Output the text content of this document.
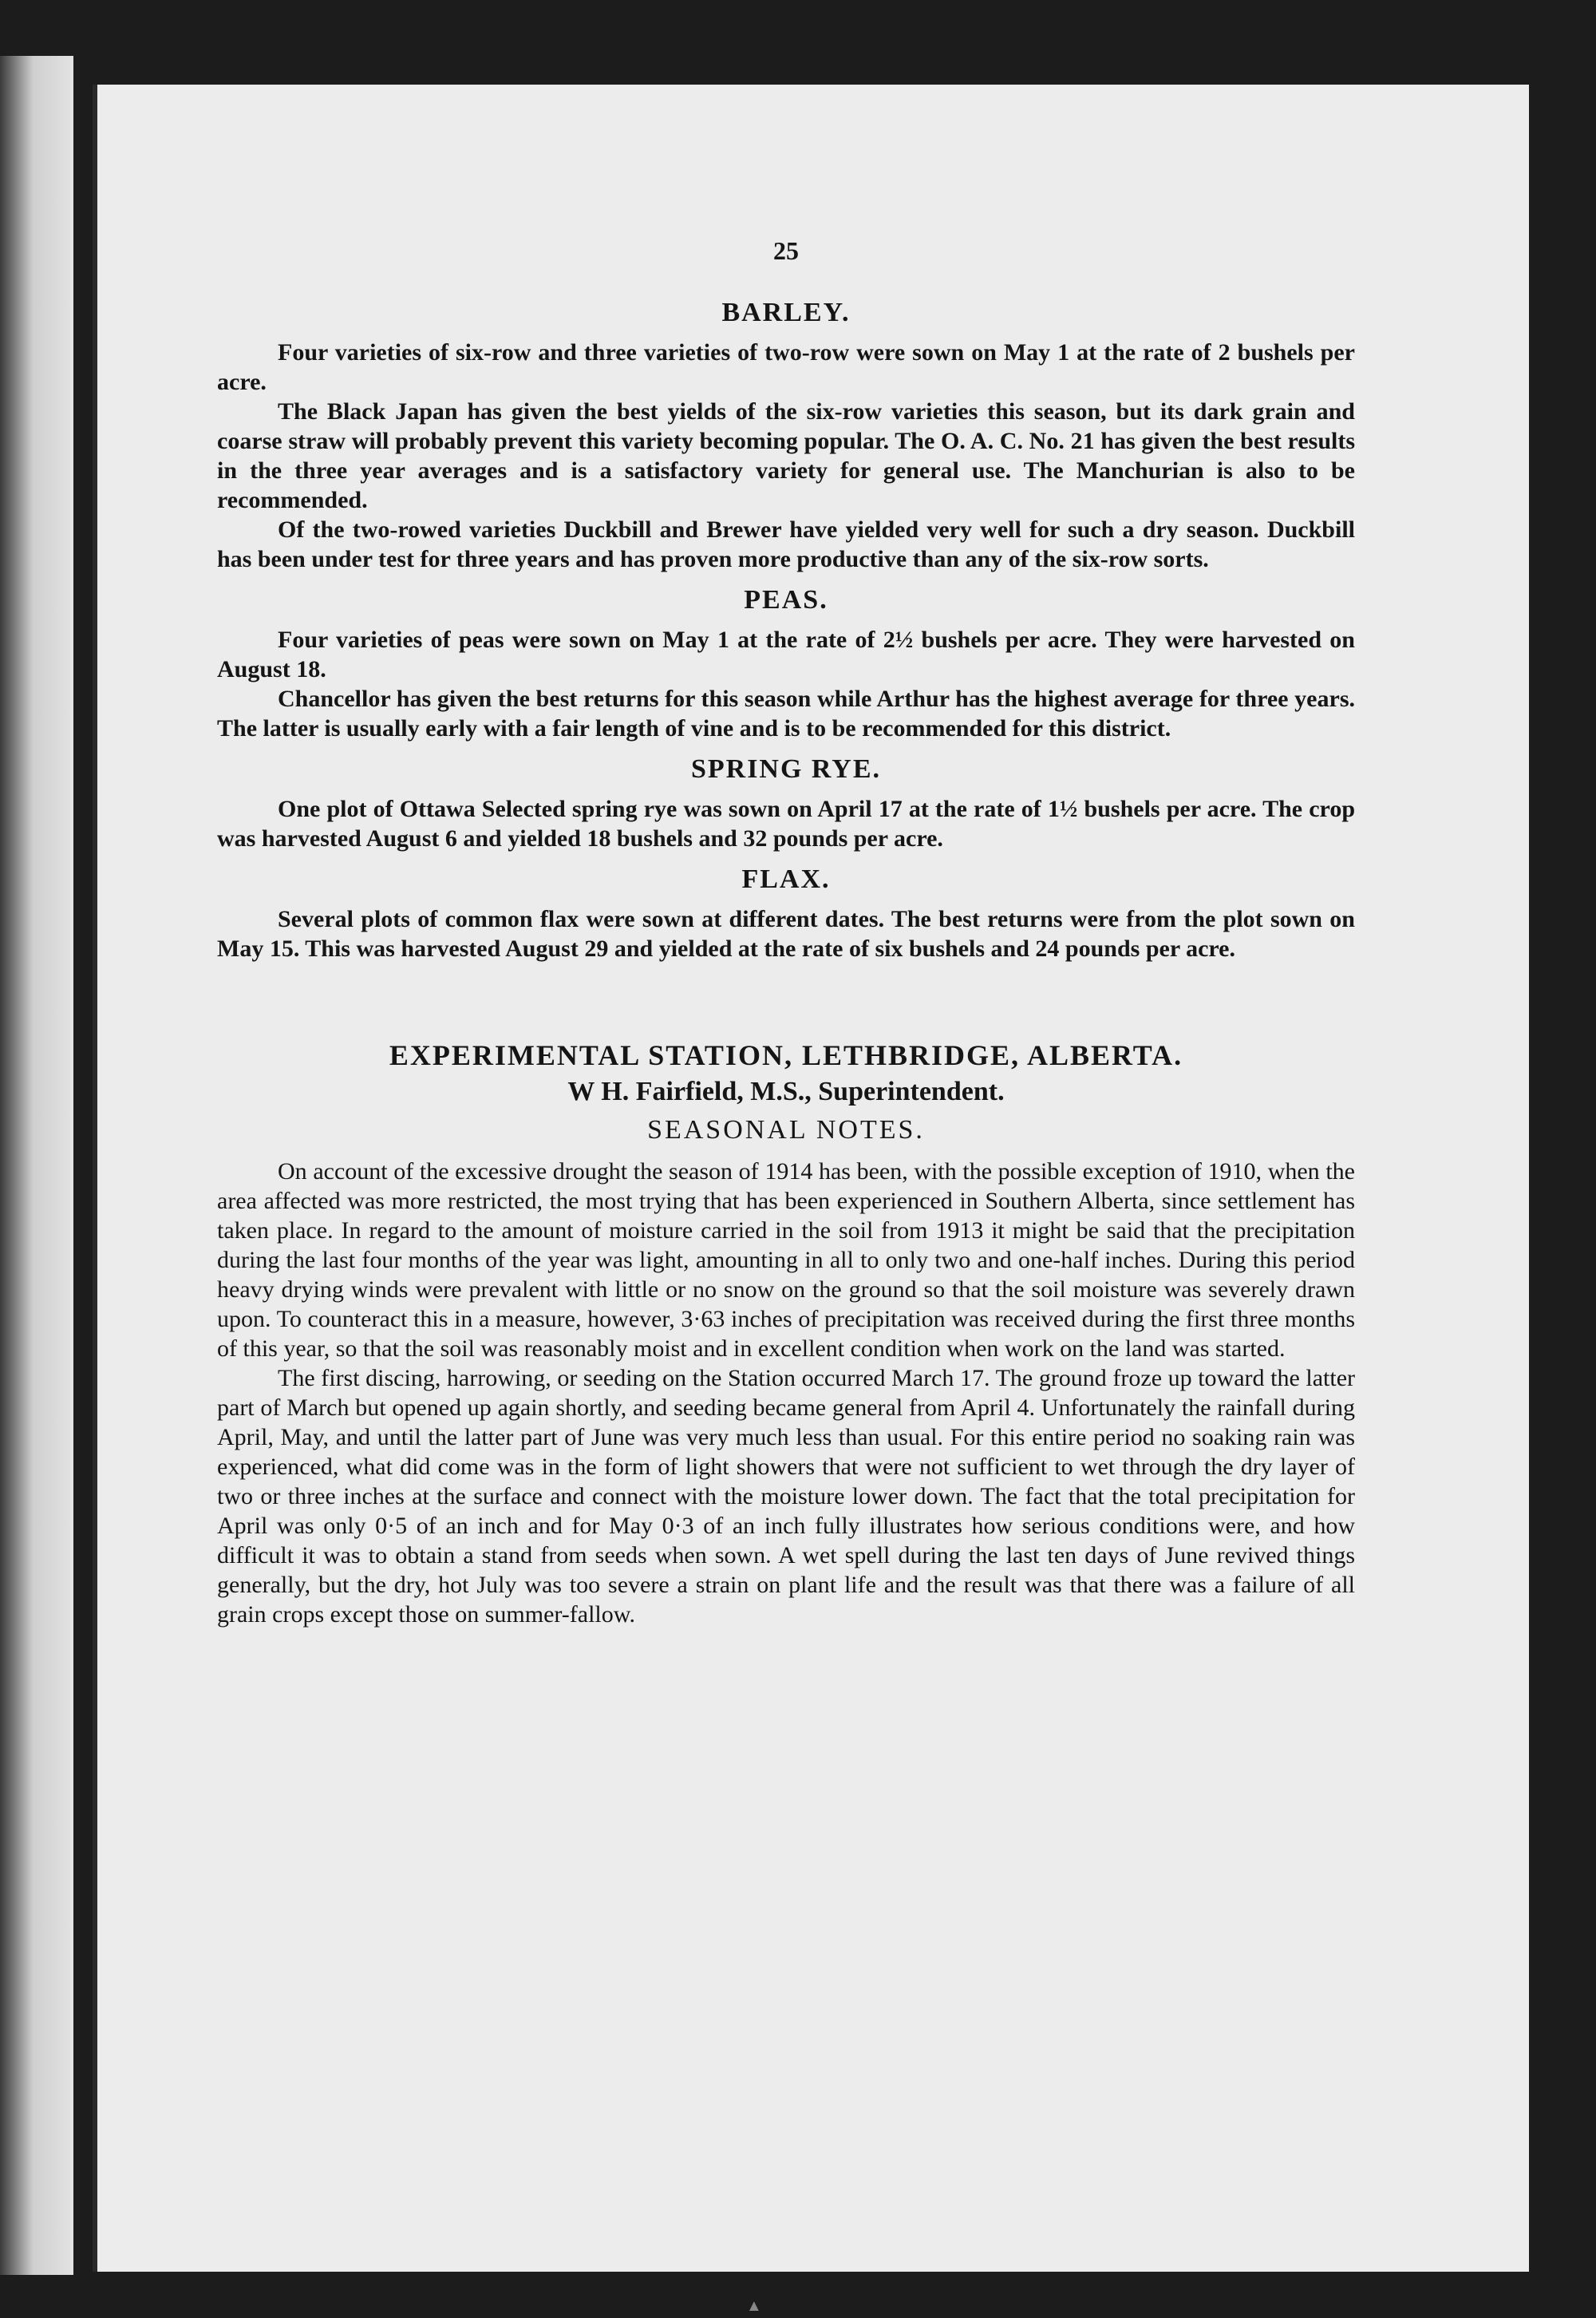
25
BARLEY.

Four varieties of six-row and three varieties of two-row were sown on May 1 at the rate of 2 bushels per acre.

The Black Japan has given the best yields of the six-row varieties this season, but its dark grain and coarse straw will probably prevent this variety becoming popular. The O. A. C. No. 21 has given the best results in the three year averages and is a satisfactory variety for general use. The Manchurian is also to be recommended.

Of the two-rowed varieties Duckbill and Brewer have yielded very well for such a dry season. Duckbill has been under test for three years and has proven more productive than any of the six-row sorts.

PEAS.

Four varieties of peas were sown on May 1 at the rate of 2½ bushels per acre. They were harvested on August 18.

Chancellor has given the best returns for this season while Arthur has the highest average for three years. The latter is usually early with a fair length of vine and is to be recommended for this district.

SPRING RYE.

One plot of Ottawa Selected spring rye was sown on April 17 at the rate of 1½ bushels per acre. The crop was harvested August 6 and yielded 18 bushels and 32 pounds per acre.

FLAX.

Several plots of common flax were sown at different dates. The best returns were from the plot sown on May 15. This was harvested August 29 and yielded at the rate of six bushels and 24 pounds per acre.

EXPERIMENTAL STATION, LETHBRIDGE, ALBERTA.
W H. Fairfield, M.S., Superintendent.
SEASONAL NOTES.

On account of the excessive drought the season of 1914 has been, with the possible exception of 1910, when the area affected was more restricted, the most trying that has been experienced in Southern Alberta, since settlement has taken place. In regard to the amount of moisture carried in the soil from 1913 it might be said that the precipitation during the last four months of the year was light, amounting in all to only two and one-half inches. During this period heavy drying winds were prevalent with little or no snow on the ground so that the soil moisture was severely drawn upon. To counteract this in a measure, however, 3·63 inches of precipitation was received during the first three months of this year, so that the soil was reasonably moist and in excellent condition when work on the land was started.

The first discing, harrowing, or seeding on the Station occurred March 17. The ground froze up toward the latter part of March but opened up again shortly, and seeding became general from April 4. Unfortunately the rainfall during April, May, and until the latter part of June was very much less than usual. For this entire period no soaking rain was experienced, what did come was in the form of light showers that were not sufficient to wet through the dry layer of two or three inches at the surface and connect with the moisture lower down. The fact that the total precipitation for April was only 0·5 of an inch and for May 0·3 of an inch fully illustrates how serious conditions were, and how difficult it was to obtain a stand from seeds when sown. A wet spell during the last ten days of June revived things generally, but the dry, hot July was too severe a strain on plant life and the result was that there was a failure of all grain crops except those on summer-fallow.

▲
